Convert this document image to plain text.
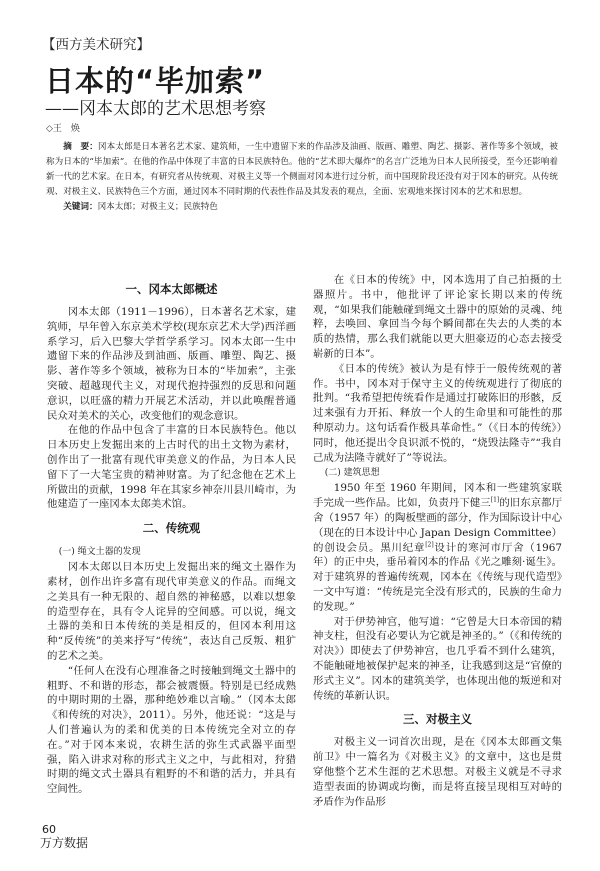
【西方美术研究】
日本的“毕加索”
——冈本太郎的艺术思想考察
◇王　焕
摘　要：冈本太郎是日本著名艺术家、建筑师，一生中遗留下来的作品涉及油画、版画、雕塑、陶艺、摄影、著作等多个领域，被称为日本的“毕加索”。在他的作品中体现了丰富的日本民族特色。他的“艺术即大爆炸”的名言广泛地为日本人民所接受，至今还影响着新一代的艺术家。在日本，有研究者从传统观、对极主义等一个侧面对冈本进行过分析，而中国现阶段还没有对于冈本的研究。从传统观、对极主义、民族特色三个方面，通过冈本不同时期的代表性作品及其发表的观点，全面、宏观地来探讨冈本的艺术和思想。
关键词：冈本太郎；对极主义；民族特色
一、冈本太郎概述

冈本太郎（1911－1996），日本著名艺术家，建筑师，早年曾入东京美术学校(现东京艺术大学)西洋画系学习，后入巴黎大学哲学系学习。冈本太郎一生中遗留下来的作品涉及到油画、版画、雕塑、陶艺、摄影、著作等多个领域，被称为日本的“毕加索”，主张突破、超越现代主义，对现代抱持强烈的反思和问题意识，以旺盛的精力开展艺术活动，并以此唤醒普通民众对美术的关心，改变他们的观念意识。

在他的作品中包含了丰富的日本民族特色。他以日本历史上发掘出来的上古时代的出土文物为素材，创作出了一批富有现代审美意义的作品，为日本人民留下了一大笔宝贵的精神财富。为了纪念他在艺术上所做出的贡献，1998 年在其家乡神奈川县川崎市，为他建造了一座冈本太郎美术馆。

二、传统观
(一) 绳文土器的发现

冈本太郎以日本历史上发掘出来的绳文土器作为素材，创作出许多富有现代审美意义的作品。而绳文之美具有一种无限的、超自然的神秘感，以难以想象的造型存在，具有令人诧异的空间感。可以说，绳文土器的美和日本传统的美是相反的，但冈本利用这种“反传统”的美来抒写“传统”，表达自己反叛、粗犷的艺术之美。

“任何人在没有心理准备之时接触到绳文土器中的粗野、不和谐的形态，都会被震慑。特别是已经成熟的中期时期的土器，那种绝妙难以言喻。”（冈本太郎《和传统的对决》，2011）。另外，他还说：“这是与人们普遍认为的柔和优美的日本传统完全对立的存在。”对于冈本来说，农耕生活的弥生式武器平面型强，陷入讲求对称的形式主义之中，与此相对，狩猎时期的绳文式土器具有粗野的不和谐的活力，并具有空间性。

在《日本的传统》中，冈本选用了自己拍摄的土器照片。书中，他批评了评论家长期以来的传统观，“如果我们能触碰到绳文土器中的原始的灵魂、纯粹，去唤回、拿回当今每个瞬间都在失去的人类的本质的热情，那么我们就能以更大胆豪迈的心态去接受崭新的日本”。

《日本的传统》被认为是有悖于一般传统观的著作。书中，冈本对于保守主义的传统观进行了彻底的批判。“我希望把传统看作是通过打破陈旧的形骸，反过来强有力开拓、释放一个人的生命里和可能性的那种原动力。这句话看作极具革命性。”（《日本的传统》）同时，他还提出令良识派不悦的，“烧毁法隆寺”“我自己成为法隆寺就好了”等说法。

(二) 建筑思想

1950 年至 1960 年期间，冈本和一些建筑家联手完成一些作品。比如，负责丹下健三[1]的旧东京都厅舍（1957 年）的陶板壁画的部分，作为国际设计中心（现在的日本设计中心 Japan Design Committee）的创设会员。黑川纪章[2]设计的寒河市厅舍（1967 年）的正中央，垂吊着冈本的作品《光之雕刻·诞生》。对于建筑界的普遍传统观，冈本在《传统与现代造型》一文中写道：“传统是完全没有形式的，民族的生命力的发现。”

对于伊势神宫，他写道：“它曾是大日本帝国的精神支柱，但没有必要认为它就是神圣的。”（《和传统的对决》）即使去了伊势神宫，也几乎看不到什么建筑，不能触碰地被保护起来的神圣，让我感到这是“官僚的形式主义”。冈本的建筑美学，也体现出他的叛逆和对传统的革新认识。

三、对极主义

对极主义一词首次出现，是在《冈本太郎画文集 前卫》中一篇名为《对极主义》的文章中，这也是贯穿他整个艺术生涯的艺术思想。对极主义就是不寻求造型表面的协调或均衡，而是将直接呈现相互对峙的矛盾作为作品形

60
万方数据
